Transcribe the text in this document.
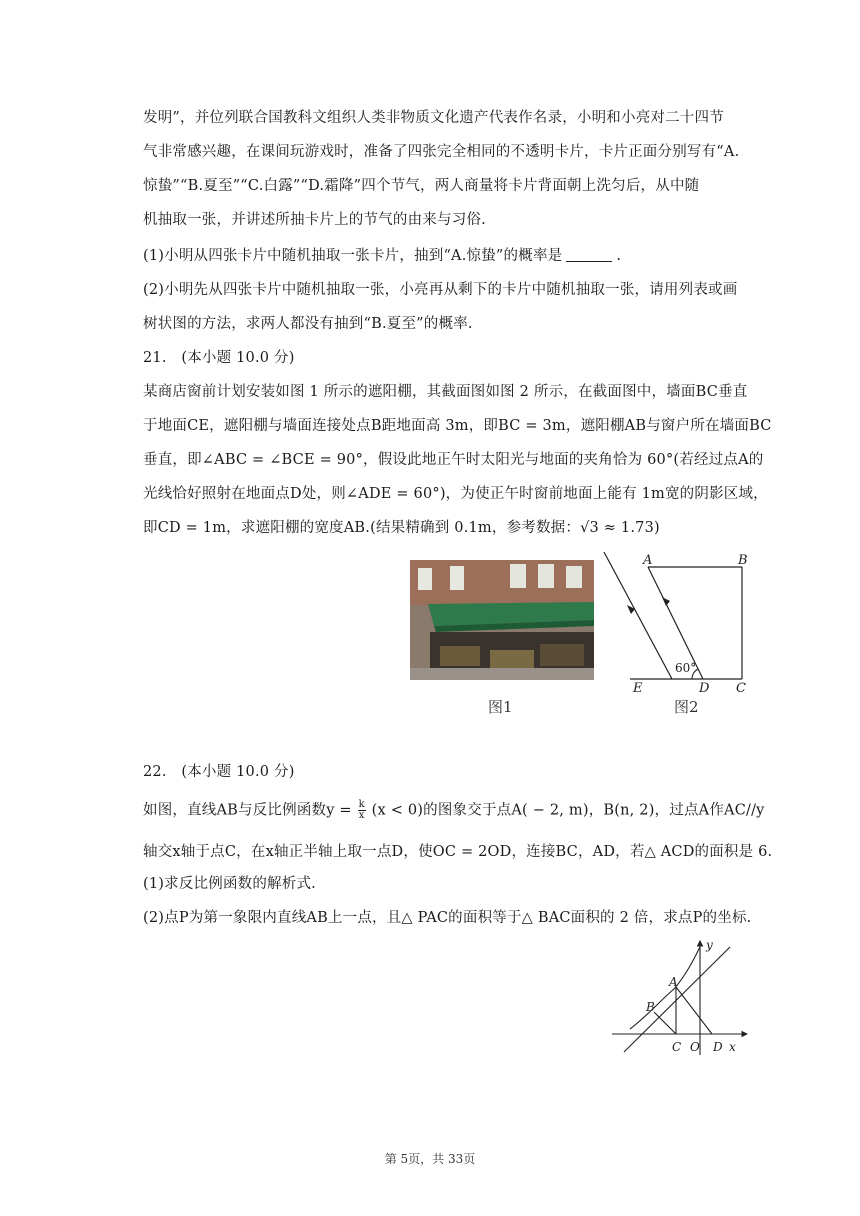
发明”，并位列联合国教科文组织人类非物质文化遗产代表作名录，小明和小亮对二十四节
气非常感兴趣，在课间玩游戏时，准备了四张完全相同的不透明卡片，卡片正面分别写有“A.
惊蛰”“B.夏至”“C.白露”“D.霜降”四个节气，两人商量将卡片背面朝上洗匀后，从中随
机抽取一张，并讲述所抽卡片上的节气的由来与习俗.
(1)小明从四张卡片中随机抽取一张卡片，抽到“A.惊蛰”的概率是	.
(2)小明先从四张卡片中随机抽取一张，小亮再从剩下的卡片中随机抽取一张，请用列表或画
树状图的方法，求两人都没有抽到“B.夏至”的概率.
21.　(本小题 10.0 分)
某商店窗前计划安装如图 1 所示的遮阳棚，其截面图如图 2 所示，在截面图中，墙面BC垂直
于地面CE，遮阳棚与墙面连接处点B距地面高 3m，即BC = 3m，遮阳棚AB与窗户所在墙面BC
垂直，即∠ABC = ∠BCE = 90°，假设此地正午时太阳光与地面的夹角恰为 60°(若经过点A的
光线恰好照射在地面点D处，则∠ADE = 60°)，为使正午时窗前地面上能有 1m宽的阴影区域，
即CD = 1m，求遮阳棚的宽度AB.(结果精确到 0.1m，参考数据：√3 ≈ 1.73)
图1
A	B
E	D C
60°
图2
22.　(本小题 10.0 分)
如图，直线AB与反比例函数$y = \frac{k}{x} (x < 0)$的图象交于点A( − 2, m)，B(n, 2)，过点A作AC//y
轴交x轴于点C，在x轴正半轴上取一点D，使OC = 2OD，连接BC，AD，若△ ACD的面积是 6.
(1)求反比例函数的解析式.
(2)点P为第一象限内直线AB上一点，且△ PAC的面积等于△ BAC面积的 2 倍，求点P的坐标.
y
A
B
C O D x
第 5页，共 33页
